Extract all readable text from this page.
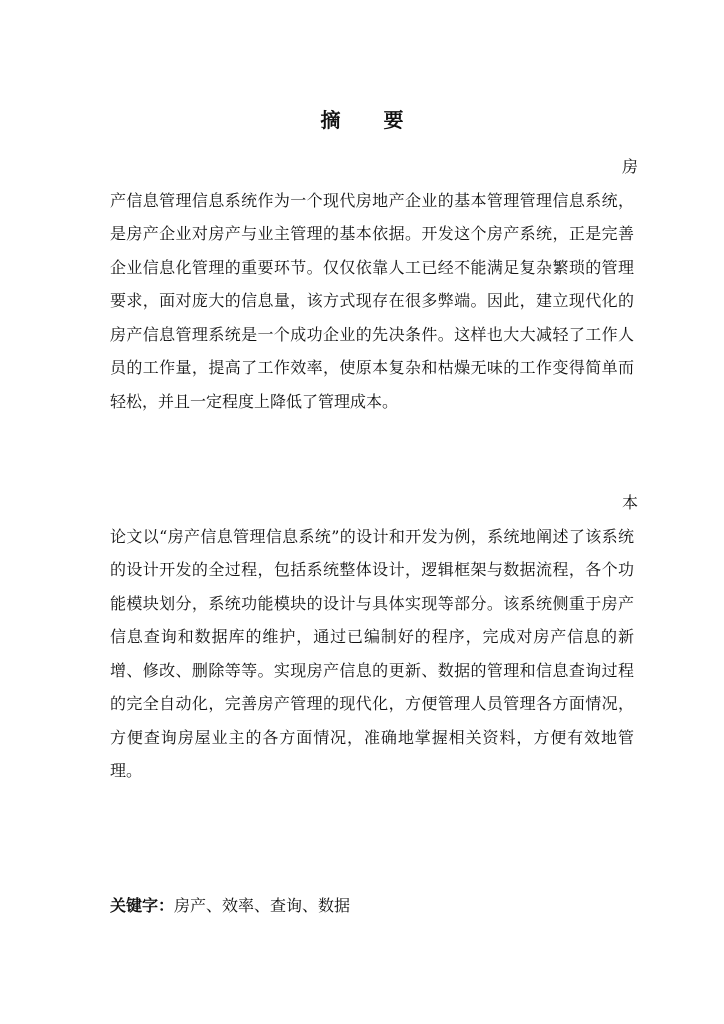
摘 要

房产信息管理信息系统作为一个现代房地产企业的基本管理管理信息系统，是房产企业对房产与业主管理的基本依据。开发这个房产系统，正是完善企业信息化管理的重要环节。仅仅依靠人工已经不能满足复杂繁琐的管理要求，面对庞大的信息量，该方式现存在很多弊端。因此，建立现代化的房产信息管理系统是一个成功企业的先决条件。这样也大大减轻了工作人员的工作量，提高了工作效率，使原本复杂和枯燥无味的工作变得简单而轻松，并且一定程度上降低了管理成本。

本论文以“房产信息管理信息系统”的设计和开发为例，系统地阐述了该系统的设计开发的全过程，包括系统整体设计，逻辑框架与数据流程，各个功能模块划分，系统功能模块的设计与具体实现等部分。该系统侧重于房产信息查询和数据库的维护，通过已编制好的程序，完成对房产信息的新增、修改、删除等等。实现房产信息的更新、数据的管理和信息查询过程的完全自动化，完善房产管理的现代化，方便管理人员管理各方面情况，方便查询房屋业主的各方面情况，准确地掌握相关资料，方便有效地管理。

关键字：房产、效率、查询、数据
